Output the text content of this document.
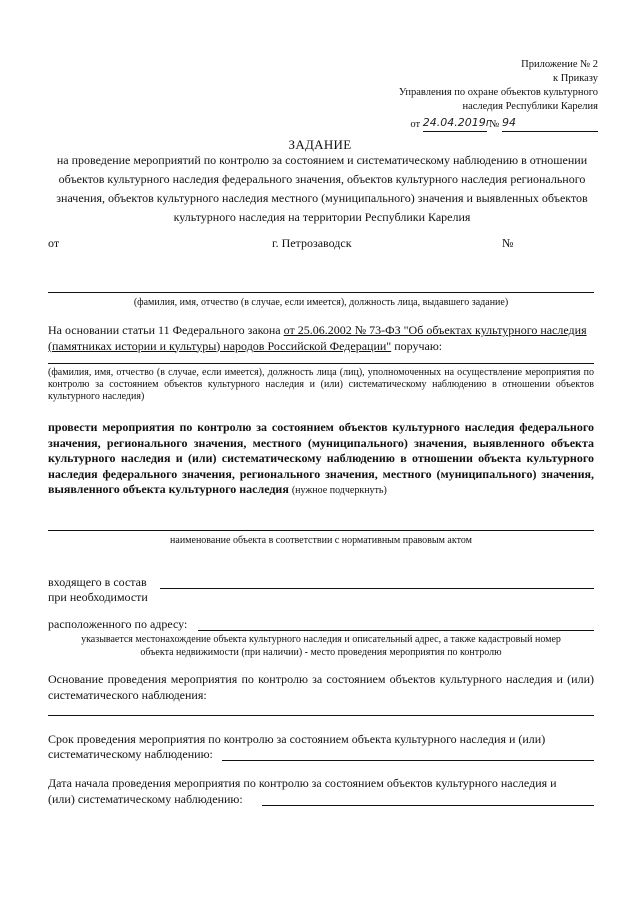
Приложение № 2
к Приказу
Управления по охране объектов культурного
наследия Республики Карелия
от 24.04.2019г № 94
ЗАДАНИЕ
на проведение мероприятий по контролю за состоянием и систематическому наблюдению в отношении объектов культурного наследия федерального значения, объектов культурного наследия регионального значения, объектов культурного наследия местного (муниципального) значения и выявленных объектов культурного наследия на территории Республики Карелия
от	г. Петрозаводск	№
(фамилия, имя, отчество (в случае, если имеется), должность лица, выдавшего задание)
На основании статьи 11 Федерального закона от 25.06.2002 № 73-ФЗ "Об объектах культурного наследия (памятниках истории и культуры) народов Российской Федерации" поручаю:
(фамилия, имя, отчество (в случае, если имеется), должность лица (лиц), уполномоченных на осуществление мероприятия по контролю за состоянием объектов культурного наследия и (или) систематическому наблюдению в отношении объектов культурного наследия)
провести мероприятия по контролю за состоянием объектов культурного наследия федерального значения, регионального значения, местного (муниципального) значения, выявленного объекта культурного наследия и (или) систематическому наблюдению в отношении объекта культурного наследия федерального значения, регионального значения, местного (муниципального) значения, выявленного объекта культурного наследия (нужное подчеркнуть)
наименование объекта в соответствии с нормативным правовым актом
входящего в состав
при необходимости
расположенного по адресу:
указывается местонахождение объекта культурного наследия и описательный адрес, а также кадастровый номер
объекта недвижимости (при наличии) - место проведения мероприятия по контролю
Основание проведения мероприятия по контролю за состоянием объектов культурного наследия и (или) систематического наблюдения:
Срок проведения мероприятия по контролю за состоянием объекта культурного наследия и (или)
систематическому наблюдению:
Дата начала проведения мероприятия по контролю за состоянием объектов культурного наследия и
(или) систематическому наблюдению:
